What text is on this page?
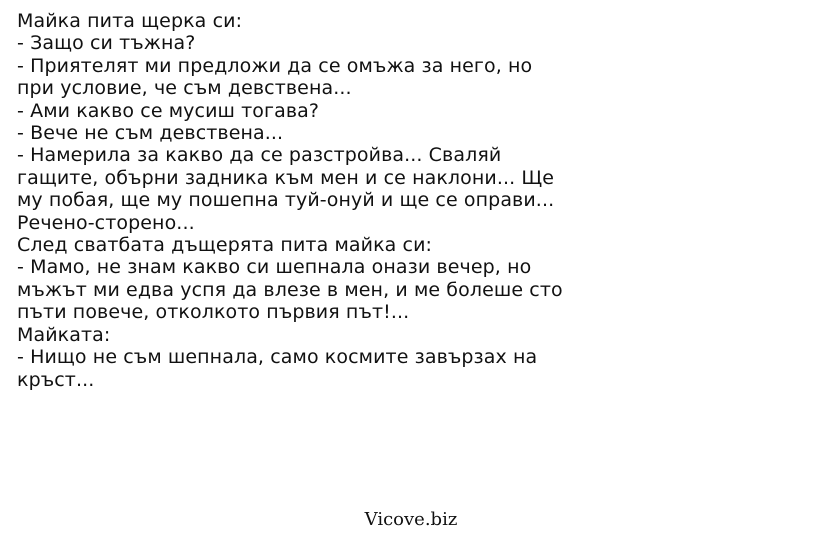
Майка пита щерка си:
- Защо си тъжна?
- Приятелят ми предложи да се омъжа за него, но
при условие, че съм девствена...
- Ами какво се мусиш тогава?
- Вече не съм девствена...
- Намерила за какво да се разстройва... Сваляй
гащите, обърни задника към мен и се наклони... Ще
му побая, ще му пошепна туй-онуй и ще се оправи...
Речено-сторено...
След сватбата дъщерята пита майка си:
- Мамо, не знам какво си шепнала онази вечер, но
мъжът ми едва успя да влезе в мен, и ме болеше сто
пъти повече, отколкото първия път!...
Майката:
- Нищо не съм шепнала, само космите завързах на
кръст...
Vicove.biz
